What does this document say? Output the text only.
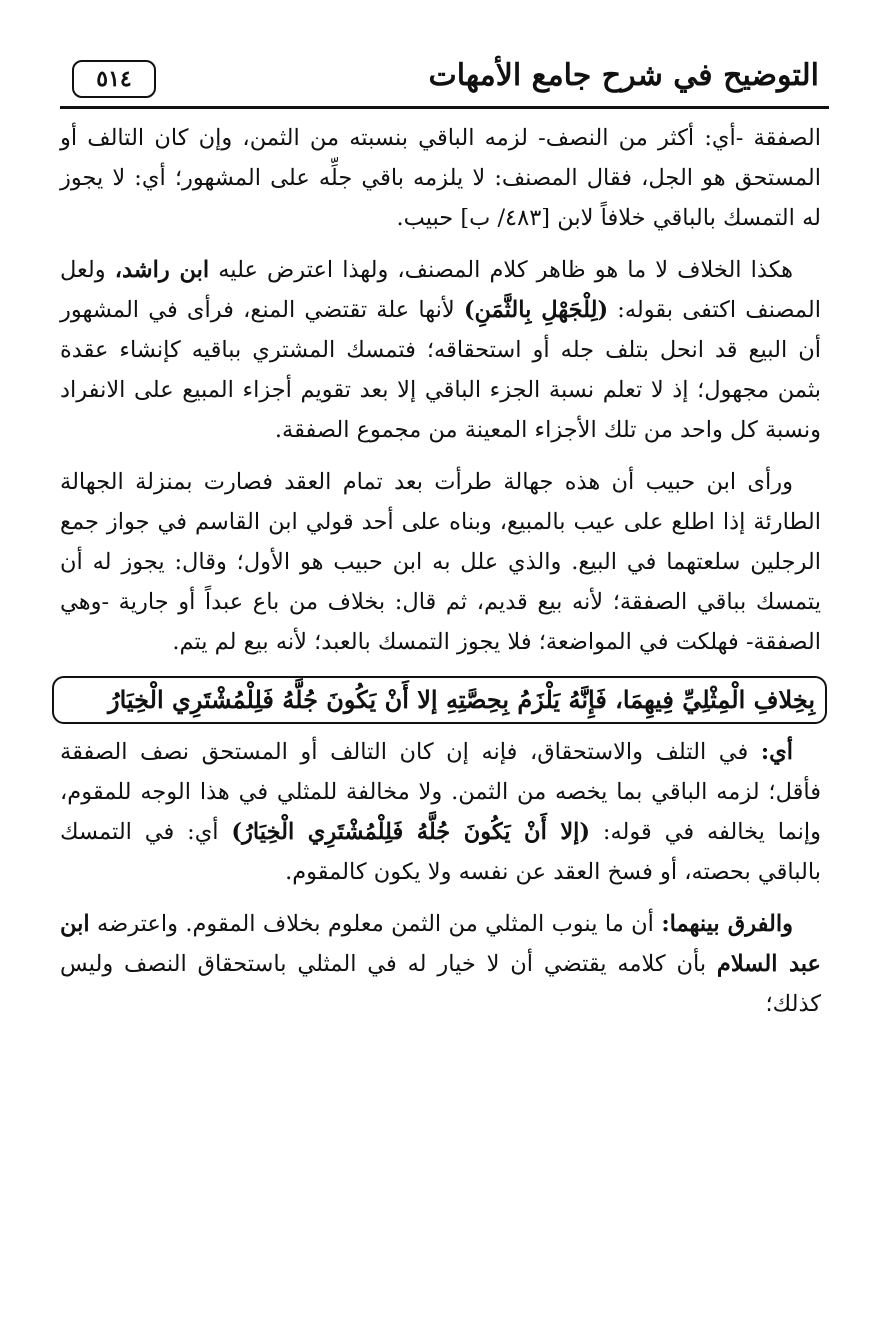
التوضيح في شرح جامع الأمهات
٥١٤

الصفقة -أي: أكثر من النصف- لزمه الباقي بنسبته من الثمن، وإن كان التالف أو المستحق هو الجل، فقال المصنف: لا يلزمه باقي جلِّه على المشهور؛ أي: لا يجوز له التمسك بالباقي خلافاً لابن [٤٨٣/ ب] حبيب.

هكذا الخلاف لا ما هو ظاهر كلام المصنف، ولهذا اعترض عليه ابن راشد، ولعل المصنف اكتفى بقوله: (لِلْجَهْلِ بِالثَّمَنِ) لأنها علة تقتضي المنع، فرأى في المشهور أن البيع قد انحل بتلف جله أو استحقاقه؛ فتمسك المشتري بباقيه كإنشاء عقدة بثمن مجهول؛ إذ لا تعلم نسبة الجزء الباقي إلا بعد تقويم أجزاء المبيع على الانفراد ونسبة كل واحد من تلك الأجزاء المعينة من مجموع الصفقة.

ورأى ابن حبيب أن هذه جهالة طرأت بعد تمام العقد فصارت بمنزلة الجهالة الطارئة إذا اطلع على عيب بالمبيع، وبناه على أحد قولي ابن القاسم في جواز جمع الرجلين سلعتهما في البيع. والذي علل به ابن حبيب هو الأول؛ وقال: يجوز له أن يتمسك بباقي الصفقة؛ لأنه بيع قديم، ثم قال: بخلاف من باع عبداً أو جارية -وهي الصفقة- فهلكت في المواضعة؛ فلا يجوز التمسك بالعبد؛ لأنه بيع لم يتم.

بِخِلافِ الْمِثْلِيِّ فِيهِمَا، فَإِنَّهُ يَلْزَمُ بِحِصَّتِهِ إلا أَنْ يَكُونَ جُلَّهُ فَلِلْمُشْتَرِي الْخِيَارُ

أي: في التلف والاستحقاق، فإنه إن كان التالف أو المستحق نصف الصفقة فأقل؛ لزمه الباقي بما يخصه من الثمن. ولا مخالفة للمثلي في هذا الوجه للمقوم، وإنما يخالفه في قوله: (إلا أَنْ يَكُونَ جُلَّهُ فَلِلْمُشْتَرِي الْخِيَارُ) أي: في التمسك بالباقي بحصته، أو فسخ العقد عن نفسه ولا يكون كالمقوم.

والفرق بينهما: أن ما ينوب المثلي من الثمن معلوم بخلاف المقوم. واعترضه ابن عبد السلام بأن كلامه يقتضي أن لا خيار له في المثلي باستحقاق النصف وليس كذلك؛
